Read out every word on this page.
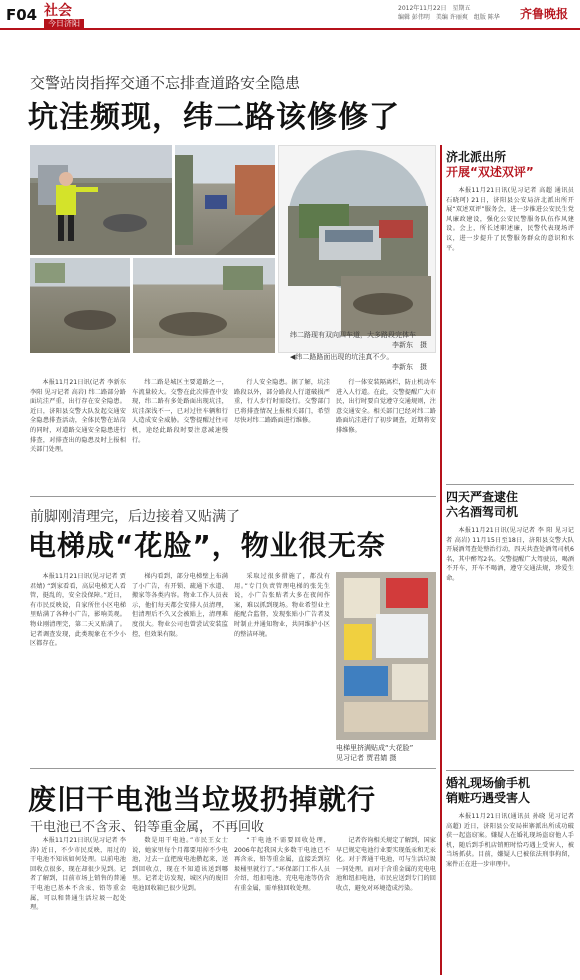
F04 社会
今日济阳
2012年11月22日　星期五
编辑 彭伟明　美编 许丽爽　组版 陈华 齐鲁晚报
交警站岗指挥交通不忘排查道路安全隐患
坑洼频现，纬二路该修修了
纬二路现有双向四车道，大多路段完体车
李新东　摄
◀纬二路路面出现的坑洼真不少。
李新东　摄

本报11月21日讯(记者 李新东 李阳 见习记者 高岩) 纬二路部分路面坑洼严重，出行存在安全隐患。近日，济阳县交警大队发起交通安全隐患排查活动，全体民警在站岗的同时，对道路交通安全隐患进行排查，对排查出的隐患及时上报相关部门处理。

纬二路是城区主要道路之一，车流量较大。交警在此次排查中发现，纬二路有多处路面出现坑洼，坑洼深浅不一，已对过往车辆和行人造成安全威胁。交警提醒过往司机，途经此路段时要注意减速慢行。

行人安全隐患。据了解，坑洼路段以外，部分路段人行道破损严重，行人步行时需绕行。交警部门已将排查情况上报相关部门，希望尽快对纬二路路面进行维修。

行一体安装隔离栏，防止机动车进入人行道。在此，交警提醒广大市民，出行时要自觉遵守交通规则，注意交通安全。相关部门已经对纬二路路面坑洼进行了初步调查，近期将安排维修。

前脚刚清理完，后边接着又贴满了
电梯成“花脸”，物业很无奈

本报11月21日讯(见习记者 贾君婧) “到家看看，高层电梯无人看管，挺乱的，安全没保障。”近日，有市民反映说，自家所住小区电梯里贴满了各种小广告，影响美观。物业刚清理完，第二天又贴满了。记者调查发现，此类现象在不少小区都存在。

梯内看到，部分电梯壁上布满了小广告，有开锁、疏通下水道、搬家等各类内容。物业工作人员表示，他们每天都会安排人员清理，但清理后不久又会被贴上，清理难度很大。物业公司也曾尝试安装监控，但效果有限。

采取过很多措施了，都没有用。”专门负责管理电梯的张先生说，小广告张贴者大多在夜间作案，难以抓到现场。物业希望业主能配合监督，发现张贴小广告者及时制止并通知物业，共同维护小区的整洁环境。

电梯里挤满贴成“大花脸”
见习记者 贾君婧 摄
废旧干电池当垃圾扔掉就行
干电池已不含汞、铅等重金属，不再回收

本报11月21日讯(见习记者 李涛) 近日，不少市民反映，用过的干电池不知该如何处理。以前电池回收点很多，现在却很少见到。记者了解到，目前市场上销售的普通干电池已基本不含汞、铅等重金属，可以和普通生活垃圾一起处理。

数是用干电池。”市民王女士说，她家里每个月都要用掉不少电池，过去一直把废电池攒起来，送到回收点，现在不知道该送到哪里。记者走访发现，城区内的废旧电池回收箱已很少见到。

“干电池不需要回收处理，2006年起我国大多数干电池已不再含汞，铅等重金属，直接丢到垃圾桶里就行了。”环保部门工作人员介绍，纽扣电池、充电电池等仍含有重金属，需单独回收处理。

记者咨询相关规定了解到，国家早已规定电池行业要实现低汞和无汞化。对于普通干电池，可与生活垃圾一同处理。而对于含重金属的充电电池和纽扣电池，市民应送到专门的回收点，避免对环境造成污染。

济北派出所
开展“双述双评”

本报11月21日讯(见习记者 高超 通讯员 石晓珂) 21日，济阳县公安局济北派出所开展“双述双评”服务会，进一步推进公安民生党风廉政建设，强化公安民警服务队伍作风建设。会上，所长述职述廉，民警代表现场评议，进一步提升了民警服务群众的意识和水平。

四天严查逮住
六名酒驾司机

本报11月21日讯(见习记者 李 阳 见习记者 高岩) 11月15日至18日，济阳县交警大队开展酒驾查处整治行动，四天共查处酒驾司机6名，其中醉驾2名。交警提醒广大驾驶员，喝酒不开车，开车不喝酒，遵守交通法规，珍爱生命。

婚礼现场偷手机
销赃巧遇受害人

本报11月21日讯(通讯员 孙晓 见习记者 高超) 近日，济阳县公安局崔寨派出所成功破获一起盗窃案。嫌疑人在婚礼现场盗窃他人手机，随后到手机店销赃时恰巧遇上受害人，被当场抓获。目前，嫌疑人已被依法刑事拘留，案件正在进一步审理中。
